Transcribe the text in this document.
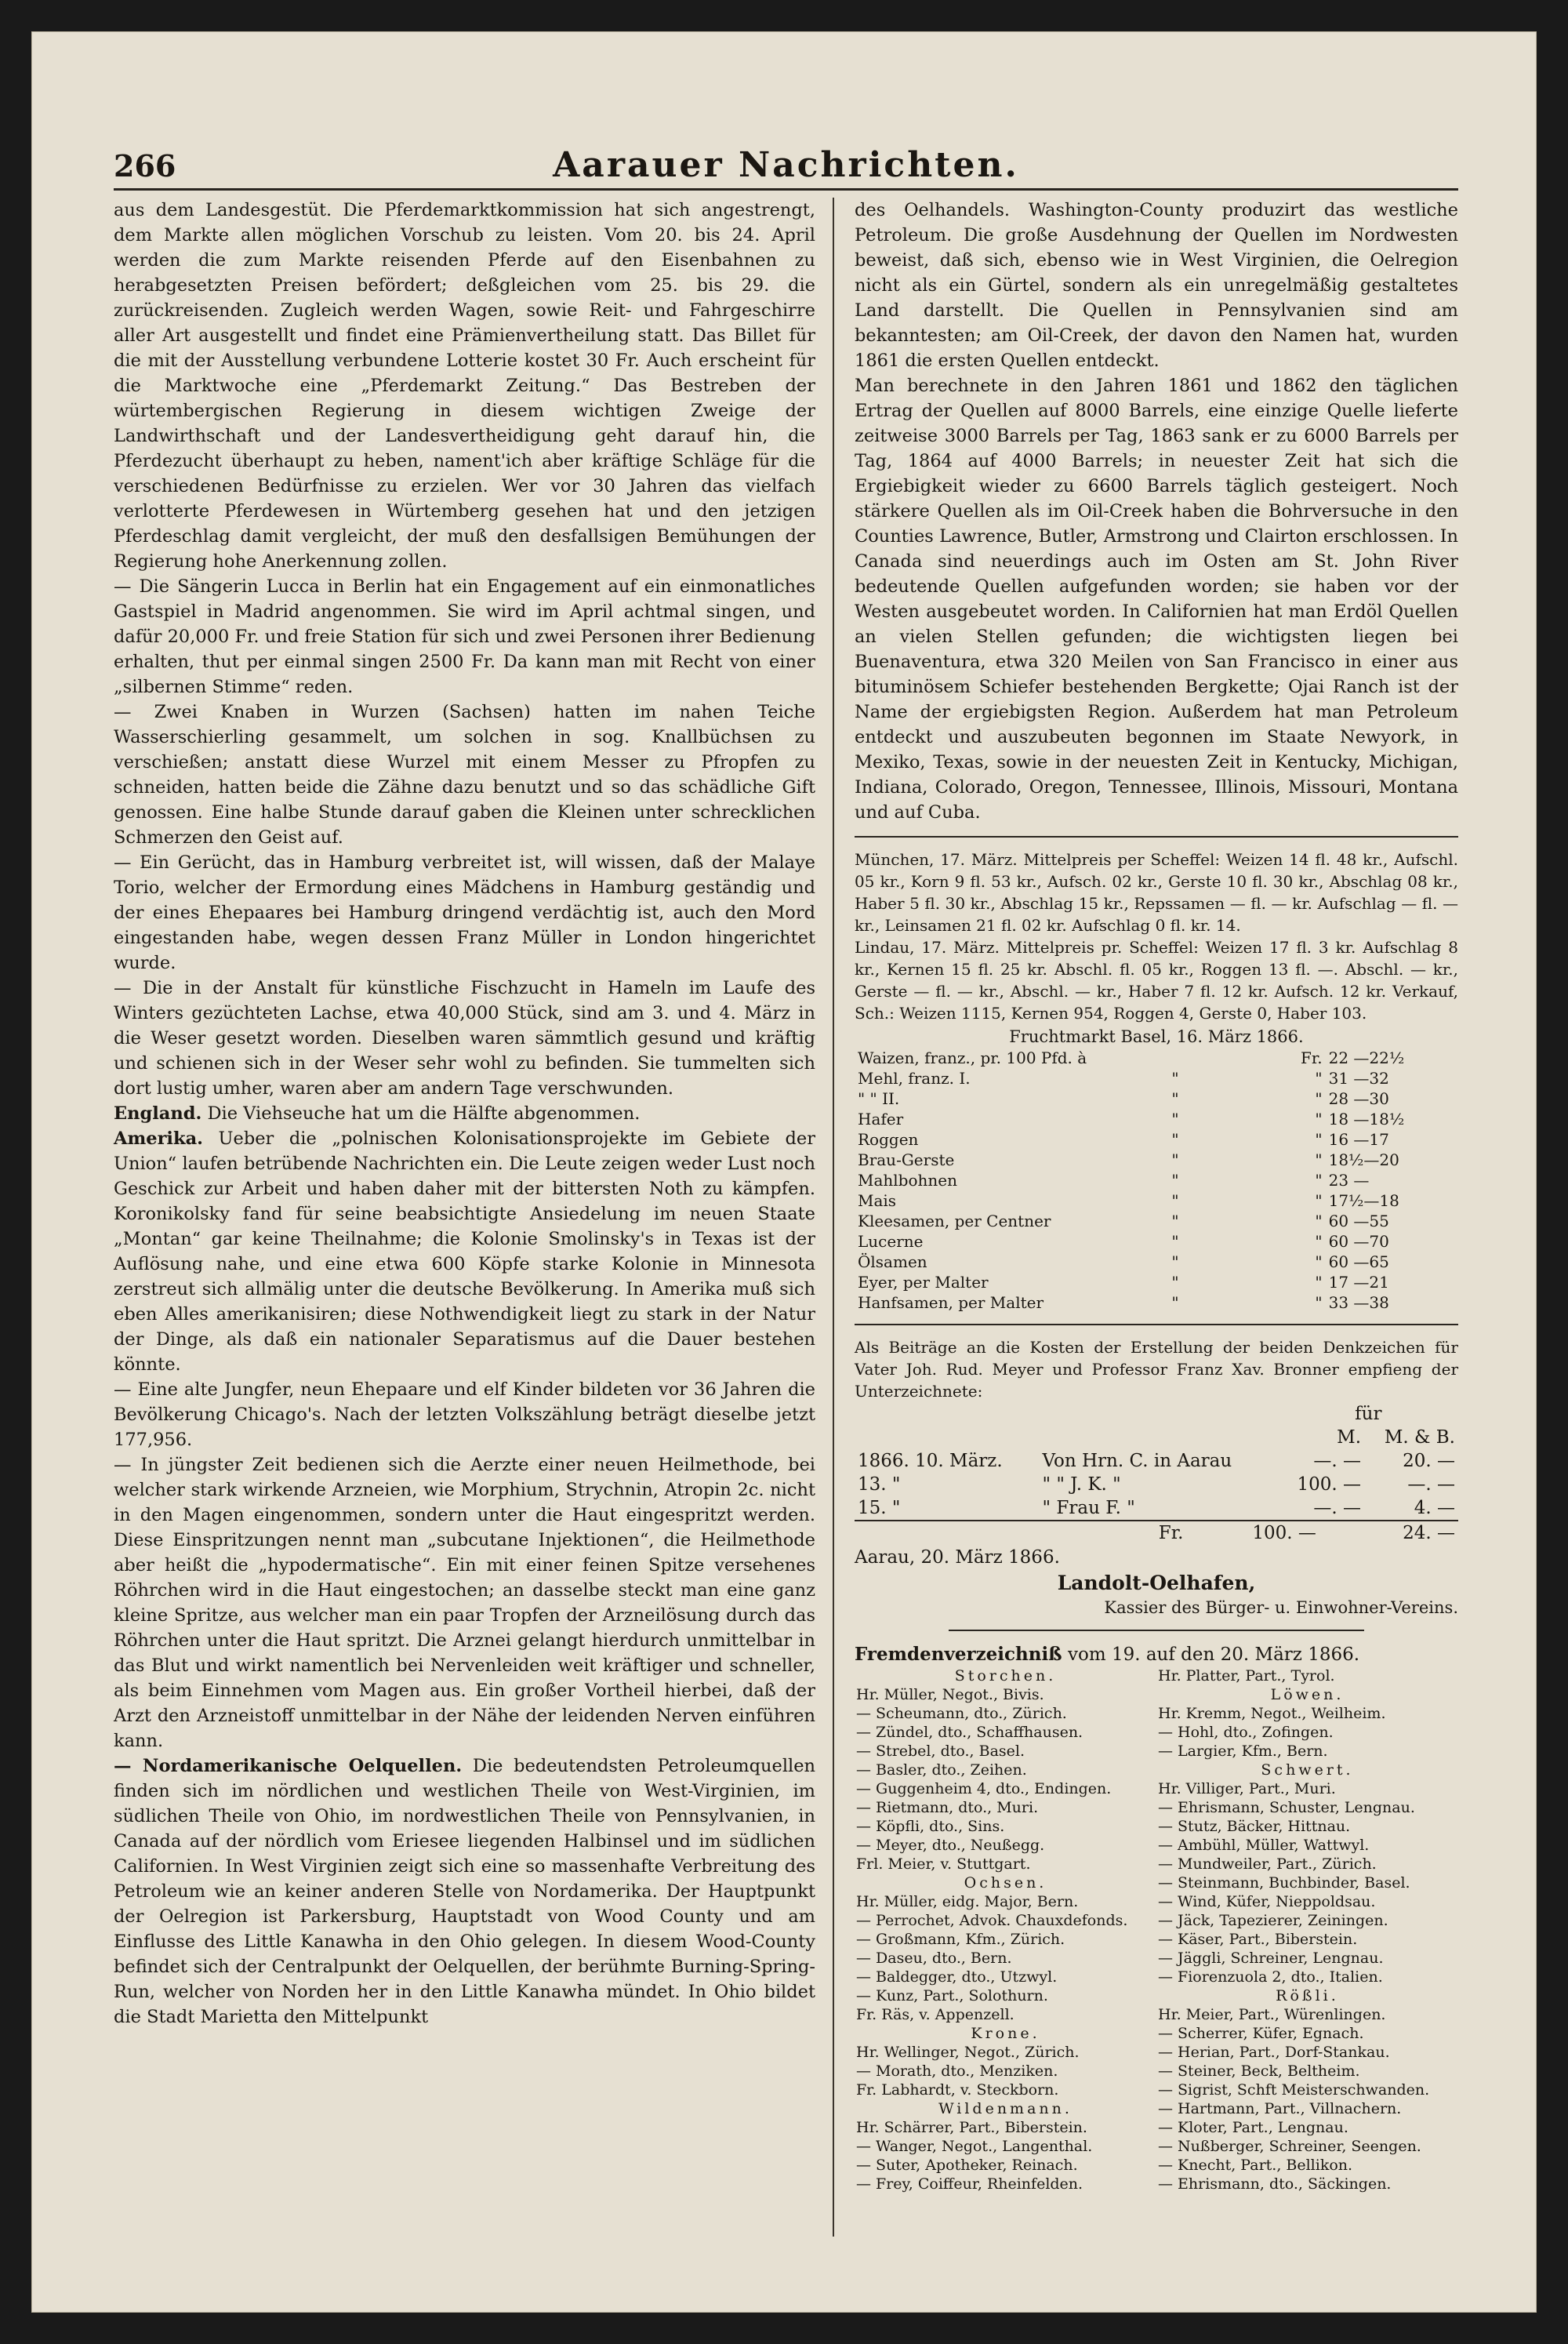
266	Aarauer Nachrichten.

aus dem Landesgestüt. Die Pferdemarktkommission hat sich angestrengt, dem Markte allen möglichen Vorschub zu leisten. Vom 20. bis 24. April werden die zum Markte reisenden Pferde auf den Eisenbahnen zu herabgesetzten Preisen befördert; deßgleichen vom 25. bis 29. die zurückreisenden. Zugleich werden Wagen, sowie Reit- und Fahrgeschirre aller Art ausgestellt und findet eine Prämienvertheilung statt. Das Billet für die mit der Ausstellung verbundene Lotterie kostet 30 Fr. Auch erscheint für die Marktwoche eine „Pferdemarkt Zeitung.“ Das Bestreben der würtembergischen Regierung in diesem wichtigen Zweige der Landwirthschaft und der Landesvertheidigung geht darauf hin, die Pferdezucht überhaupt zu heben, nament'ich aber kräftige Schläge für die verschiedenen Bedürfnisse zu erzielen. Wer vor 30 Jahren das vielfach verlotterte Pferdewesen in Würtemberg gesehen hat und den jetzigen Pferdeschlag damit vergleicht, der muß den desfallsigen Bemühungen der Regierung hohe Anerkennung zollen.

— Die Sängerin Lucca in Berlin hat ein Engagement auf ein einmonatliches Gastspiel in Madrid angenommen. Sie wird im April achtmal singen, und dafür 20,000 Fr. und freie Station für sich und zwei Personen ihrer Bedienung erhalten, thut per einmal singen 2500 Fr. Da kann man mit Recht von einer „silbernen Stimme“ reden.

— Zwei Knaben in Wurzen (Sachsen) hatten im nahen Teiche Wasserschierling gesammelt, um solchen in sog. Knallbüchsen zu verschießen; anstatt diese Wurzel mit einem Messer zu Pfropfen zu schneiden, hatten beide die Zähne dazu benutzt und so das schädliche Gift genossen. Eine halbe Stunde darauf gaben die Kleinen unter schrecklichen Schmerzen den Geist auf.

— Ein Gerücht, das in Hamburg verbreitet ist, will wissen, daß der Malaye Torio, welcher der Ermordung eines Mädchens in Hamburg geständig und der eines Ehepaares bei Hamburg dringend verdächtig ist, auch den Mord eingestanden habe, wegen dessen Franz Müller in London hingerichtet wurde.

— Die in der Anstalt für künstliche Fischzucht in Hameln im Laufe des Winters gezüchteten Lachse, etwa 40,000 Stück, sind am 3. und 4. März in die Weser gesetzt worden. Dieselben waren sämmtlich gesund und kräftig und schienen sich in der Weser sehr wohl zu befinden. Sie tummelten sich dort lustig umher, waren aber am andern Tage verschwunden.

England. Die Viehseuche hat um die Hälfte abgenommen.

Amerika. Ueber die „polnischen Kolonisationsprojekte im Gebiete der Union“ laufen betrübende Nachrichten ein. Die Leute zeigen weder Lust noch Geschick zur Arbeit und haben daher mit der bittersten Noth zu kämpfen. Koronikolsky fand für seine beabsichtigte Ansiedelung im neuen Staate „Montan“ gar keine Theilnahme; die Kolonie Smolinsky's in Texas ist der Auflösung nahe, und eine etwa 600 Köpfe starke Kolonie in Minnesota zerstreut sich allmälig unter die deutsche Bevölkerung. In Amerika muß sich eben Alles amerikanisiren; diese Nothwendigkeit liegt zu stark in der Natur der Dinge, als daß ein nationaler Separatismus auf die Dauer bestehen könnte.

— Eine alte Jungfer, neun Ehepaare und elf Kinder bildeten vor 36 Jahren die Bevölkerung Chicago's. Nach der letzten Volkszählung beträgt dieselbe jetzt 177,956.

— In jüngster Zeit bedienen sich die Aerzte einer neuen Heilmethode, bei welcher stark wirkende Arzneien, wie Morphium, Strychnin, Atropin 2c. nicht in den Magen eingenommen, sondern unter die Haut eingespritzt werden. Diese Einspritzungen nennt man „subcutane Injektionen“, die Heilmethode aber heißt die „hypodermatische“. Ein mit einer feinen Spitze versehenes Röhrchen wird in die Haut eingestochen; an dasselbe steckt man eine ganz kleine Spritze, aus welcher man ein paar Tropfen der Arzneilösung durch das Röhrchen unter die Haut spritzt. Die Arznei gelangt hierdurch unmittelbar in das Blut und wirkt namentlich bei Nervenleiden weit kräftiger und schneller, als beim Einnehmen vom Magen aus. Ein großer Vortheil hierbei, daß der Arzt den Arzneistoff unmittelbar in der Nähe der leidenden Nerven einführen kann.

— Nordamerikanische Oelquellen. Die bedeutendsten Petroleumquellen finden sich im nördlichen und westlichen Theile von West-Virginien, im südlichen Theile von Ohio, im nordwestlichen Theile von Pennsylvanien, in Canada auf der nördlich vom Eriesee liegenden Halbinsel und im südlichen Californien. In West Virginien zeigt sich eine so massenhafte Verbreitung des Petroleum wie an keiner anderen Stelle von Nordamerika. Der Hauptpunkt der Oelregion ist Parkersburg, Hauptstadt von Wood County und am Einflusse des Little Kanawha in den Ohio gelegen. In diesem Wood-County befindet sich der Centralpunkt der Oelquellen, der berühmte Burning-Spring-Run, welcher von Norden her in den Little Kanawha mündet. In Ohio bildet die Stadt Marietta den Mittelpunkt

des Oelhandels. Washington-County produzirt das westliche Petroleum. Die große Ausdehnung der Quellen im Nordwesten beweist, daß sich, ebenso wie in West Virginien, die Oelregion nicht als ein Gürtel, sondern als ein unregelmäßig gestaltetes Land darstellt. Die Quellen in Pennsylvanien sind am bekanntesten; am Oil-Creek, der davon den Namen hat, wurden 1861 die ersten Quellen entdeckt.

Man berechnete in den Jahren 1861 und 1862 den täglichen Ertrag der Quellen auf 8000 Barrels, eine einzige Quelle lieferte zeitweise 3000 Barrels per Tag, 1863 sank er zu 6000 Barrels per Tag, 1864 auf 4000 Barrels; in neuester Zeit hat sich die Ergiebigkeit wieder zu 6600 Barrels täglich gesteigert. Noch stärkere Quellen als im Oil-Creek haben die Bohrversuche in den Counties Lawrence, Butler, Armstrong und Clairton erschlossen. In Canada sind neuerdings auch im Osten am St. John River bedeutende Quellen aufgefunden worden; sie haben vor der Westen ausgebeutet worden. In Californien hat man Erdöl Quellen an vielen Stellen gefunden; die wichtigsten liegen bei Buenaventura, etwa 320 Meilen von San Francisco in einer aus bituminösem Schiefer bestehenden Bergkette; Ojai Ranch ist der Name der ergiebigsten Region. Außerdem hat man Petroleum entdeckt und auszubeuten begonnen im Staate Newyork, in Mexiko, Texas, sowie in der neuesten Zeit in Kentucky, Michigan, Indiana, Colorado, Oregon, Tennessee, Illinois, Missouri, Montana und auf Cuba.

München, 17. März. Mittelpreis per Scheffel: Weizen 14 fl. 48 kr., Aufschl. 05 kr., Korn 9 fl. 53 kr., Aufsch. 02 kr., Gerste 10 fl. 30 kr., Abschlag 08 kr., Haber 5 fl. 30 kr., Abschlag 15 kr., Repssamen — fl. — kr. Aufschlag — fl. — kr., Leinsamen 21 fl. 02 kr. Aufschlag 0 fl. kr. 14.

Lindau, 17. März. Mittelpreis pr. Scheffel: Weizen 17 fl. 3 kr. Aufschlag 8 kr., Kernen 15 fl. 25 kr. Abschl. fl. 05 kr., Roggen 13 fl. —. Abschl. — kr., Gerste — fl. — kr., Abschl. — kr., Haber 7 fl. 12 kr. Aufsch. 12 kr. Verkauf, Sch.: Weizen 1115, Kernen 954, Roggen 4, Gerste 0, Haber 103.

Fruchtmarkt Basel, 16. März 1866.
Waizen, franz., pr. 100 Pfd. à		Fr.	22 —22½
Mehl, franz. I.	"	"	31 —32
" " II.	"	"	28 —30
Hafer	"	"	18 —18½
Roggen	"	"	16 —17
Brau-Gerste	"	"	18½—20
Mahlbohnen	"	"	23 —
Mais	"	"	17½—18
Kleesamen, per Centner	"	"	60 —55
Lucerne	"	"	60 —70
Ölsamen	"	"	60 —65
Eyer, per Malter	"	"	17 —21
Hanfsamen, per Malter	"	"	33 —38

Als Beiträge an die Kosten der Erstellung der beiden Denkzeichen für Vater Joh. Rud. Meyer und Professor Franz Xav. Bronner empfieng der Unterzeichnete:

		für	
		M.	M. & B.
1866. 10. März.	Von Hrn. C. in Aarau	—. —	20. —
13. "	" " J. K. "	100. —	—. —
15. "	" Frau F. "	—. —	4. —
	Fr.	100. —	24. —
Aarau, 20. März 1866.
Landolt-Oelhafen,
Kassier des Bürger- u. Einwohner-Vereins.
Fremdenverzeichniß vom 19. auf den 20. März 1866.
Storchen.	Hr. Platter, Part., Tyrol.
Hr. Müller, Negot., Bivis.	Löwen.
— Scheumann, dto., Zürich.	Hr. Kremm, Negot., Weilheim.
— Zündel, dto., Schaffhausen.	— Hohl, dto., Zofingen.
— Strebel, dto., Basel.	— Largier, Kfm., Bern.
— Basler, dto., Zeihen.	Schwert.
— Guggenheim 4, dto., Endingen.	Hr. Villiger, Part., Muri.
— Rietmann, dto., Muri.	— Ehrismann, Schuster, Lengnau.
— Köpfli, dto., Sins.	— Stutz, Bäcker, Hittnau.
— Meyer, dto., Neußegg.	— Ambühl, Müller, Wattwyl.
Frl. Meier, v. Stuttgart.	— Mundweiler, Part., Zürich.
Ochsen.	— Steinmann, Buchbinder, Basel.
Hr. Müller, eidg. Major, Bern.	— Wind, Küfer, Nieppoldsau.
— Perrochet, Advok. Chauxdefonds.	— Jäck, Tapezierer, Zeiningen.
— Großmann, Kfm., Zürich.	— Käser, Part., Biberstein.
— Daseu, dto., Bern.	— Jäggli, Schreiner, Lengnau.
— Baldegger, dto., Utzwyl.	— Fiorenzuola 2, dto., Italien.
— Kunz, Part., Solothurn.	Rößli.
Fr. Räs, v. Appenzell.	Hr. Meier, Part., Würenlingen.
Krone.	— Scherrer, Küfer, Egnach.
Hr. Wellinger, Negot., Zürich.	— Herian, Part., Dorf-Stankau.
— Morath, dto., Menziken.	— Steiner, Beck, Beltheim.
Fr. Labhardt, v. Steckborn.	— Sigrist, Schft Meisterschwanden.
Wildenmann.	— Hartmann, Part., Villnachern.
Hr. Schärrer, Part., Biberstein.	— Kloter, Part., Lengnau.
— Wanger, Negot., Langenthal.	— Nußberger, Schreiner, Seengen.
— Suter, Apotheker, Reinach.	— Knecht, Part., Bellikon.
— Frey, Coiffeur, Rheinfelden.	— Ehrismann, dto., Säckingen.
